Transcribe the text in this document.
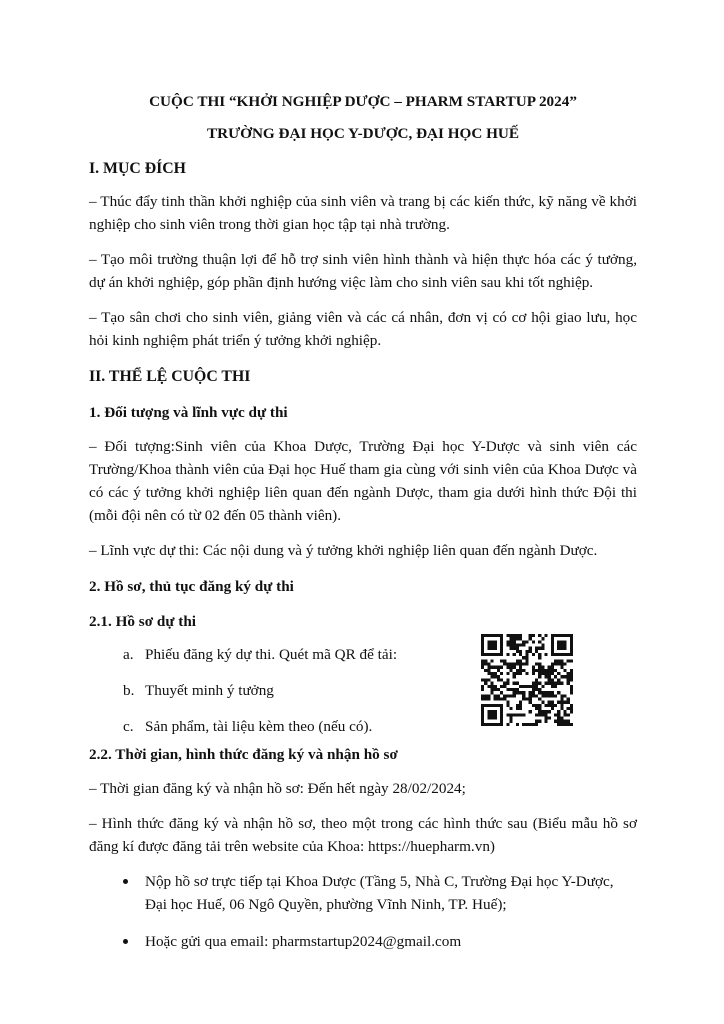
CUỘC THI “KHỞI NGHIỆP DƯỢC – PHARM STARTUP 2024”

TRƯỜNG ĐẠI HỌC Y-DƯỢC, ĐẠI HỌC HUẾ

I. MỤC ĐÍCH

– Thúc đẩy tinh thần khởi nghiệp của sinh viên và trang bị các kiến thức, kỹ năng về khởi nghiệp cho sinh viên trong thời gian học tập tại nhà trường.

– Tạo môi trường thuận lợi để hỗ trợ sinh viên hình thành và hiện thực hóa các ý tưởng, dự án khởi nghiệp, góp phần định hướng việc làm cho sinh viên sau khi tốt nghiệp.

– Tạo sân chơi cho sinh viên, giảng viên và các cá nhân, đơn vị có cơ hội giao lưu, học hỏi kinh nghiệm phát triển ý tưởng khởi nghiệp.

II. THỂ LỆ CUỘC THI
1. Đối tượng và lĩnh vực dự thi

– Đối tượng:Sinh viên của Khoa Dược, Trường Đại học Y-Dược và sinh viên các Trường/Khoa thành viên của Đại học Huế tham gia cùng với sinh viên của Khoa Dược và có các ý tưởng khởi nghiệp liên quan đến ngành Dược, tham gia dưới hình thức Đội thi (mỗi đội nên có từ 02 đến 05 thành viên).

– Lĩnh vực dự thi: Các nội dung và ý tưởng khởi nghiệp liên quan đến ngành Dược.

2. Hồ sơ, thủ tục đăng ký dự thi
2.1. Hồ sơ dự thi
a. Phiếu đăng ký dự thi. Quét mã QR để tải:
b. Thuyết minh ý tưởng
c. Sản phẩm, tài liệu kèm theo (nếu có).
2.2. Thời gian, hình thức đăng ký và nhận hồ sơ

– Thời gian đăng ký và nhận hồ sơ: Đến hết ngày 28/02/2024;

– Hình thức đăng ký và nhận hồ sơ, theo một trong các hình thức sau (Biểu mẫu hồ sơ đăng kí được đăng tải trên website của Khoa: https://huepharm.vn)

Nộp hồ sơ trực tiếp tại Khoa Dược (Tầng 5, Nhà C, Trường Đại học Y-Dược, Đại học Huế, 06 Ngô Quyền, phường Vĩnh Ninh, TP. Huế);
Hoặc gửi qua email: pharmstartup2024@gmail.com
